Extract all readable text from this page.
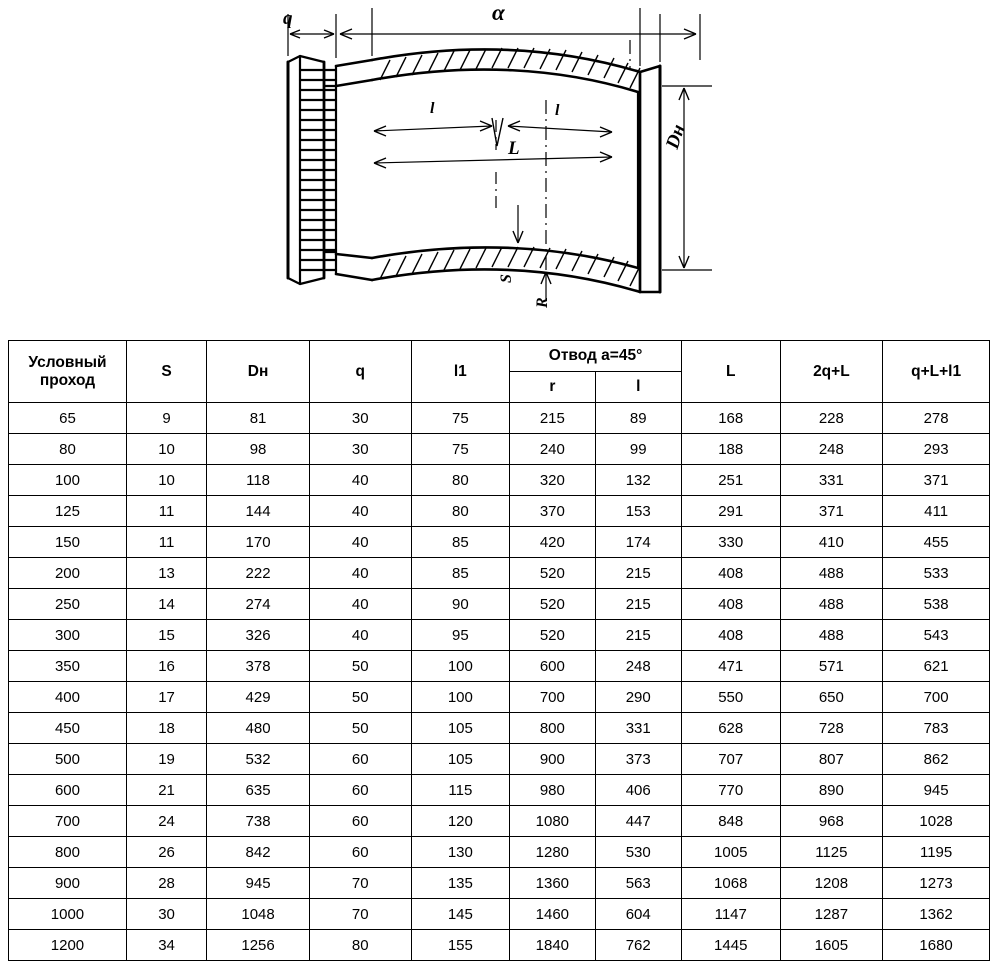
q	α
l	l
L	Dн
S
R
Условный
проход	S	Dн	q	l1	Отвод a=45°		L	2q+L	q+L+l1
					r	l			
65	9	81	30	75	215	89	168	228	278
80	10	98	30	75	240	99	188	248	293
100	10	118	40	80	320	132	251	331	371
125	11	144	40	80	370	153	291	371	411
150	11	170	40	85	420	174	330	410	455
200	13	222	40	85	520	215	408	488	533
250	14	274	40	90	520	215	408	488	538
300	15	326	40	95	520	215	408	488	543
350	16	378	50	100	600	248	471	571	621
400	17	429	50	100	700	290	550	650	700
450	18	480	50	105	800	331	628	728	783
500	19	532	60	105	900	373	707	807	862
600	21	635	60	115	980	406	770	890	945
700	24	738	60	120	1080	447	848	968	1028
800	26	842	60	130	1280	530	1005	1125	1195
900	28	945	70	135	1360	563	1068	1208	1273
1000	30	1048	70	145	1460	604	1147	1287	1362
1200	34	1256	80	155	1840	762	1445	1605	1680
